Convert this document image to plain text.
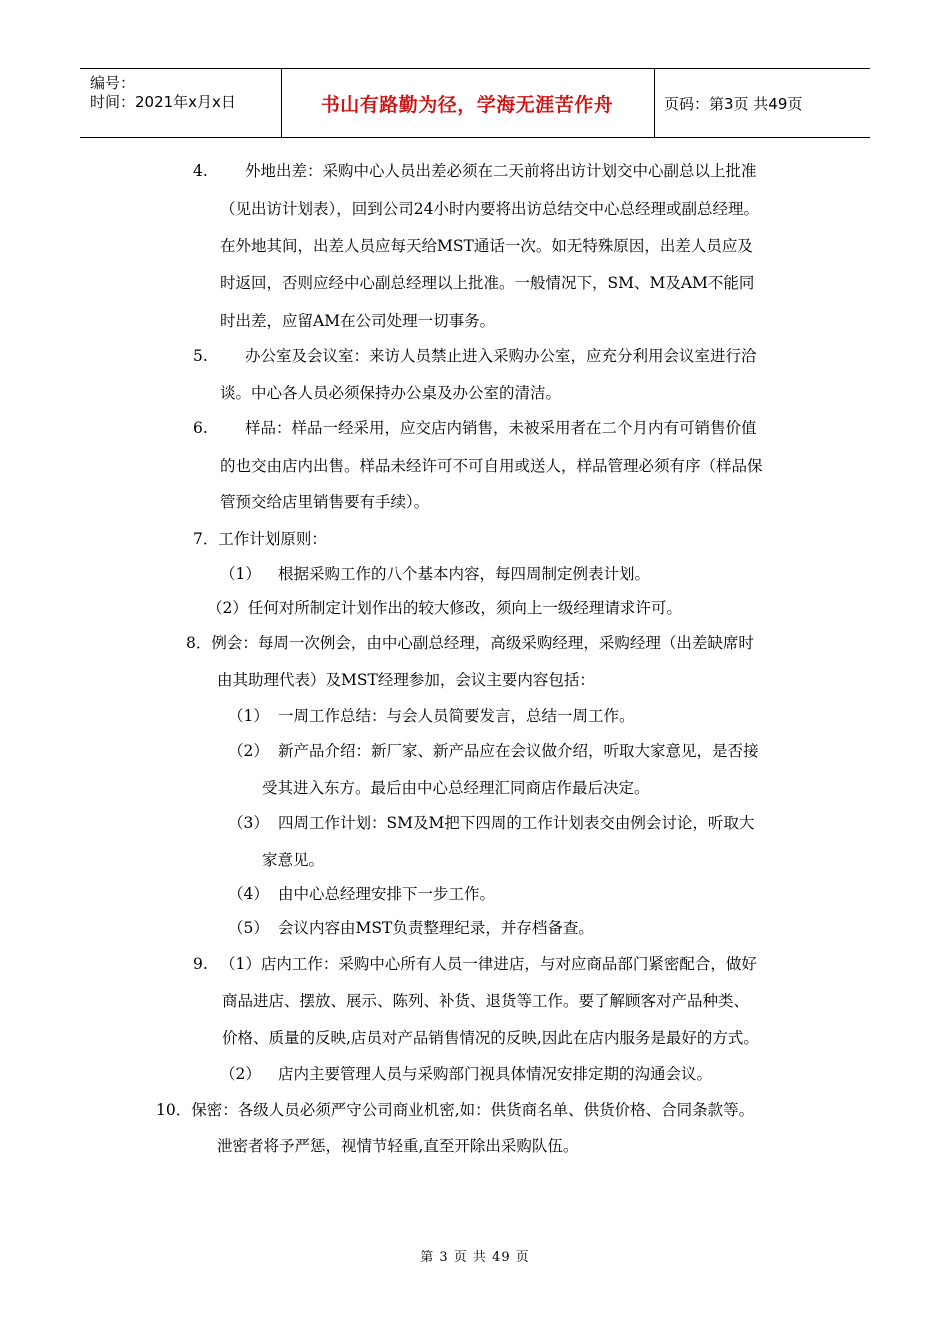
编号：
时间：2021年x月x日	书山有路勤为径，学海无涯苦作舟	页码：第3页 共49页
4. 外地出差：采购中心人员出差必须在二天前将出访计划交中心副总以上批准
（见出访计划表），回到公司24小时内要将出访总结交中心总经理或副总经理。
在外地其间，出差人员应每天给MST通话一次。如无特殊原因，出差人员应及
时返回，否则应经中心副总经理以上批准。一般情况下，SM、M及AM不能同
时出差，应留AM在公司处理一切事务。
5. 办公室及会议室：来访人员禁止进入采购办公室，应充分利用会议室进行洽
谈。中心各人员必须保持办公桌及办公室的清洁。
6. 样品：样品一经采用，应交店内销售，未被采用者在二个月内有可销售价值
的也交由店内出售。样品未经许可不可自用或送人，样品管理必须有序（样品保
管预交给店里销售要有手续）。
7．工作计划原则：
（1） 根据采购工作的八个基本内容，每四周制定例表计划。
（2）任何对所制定计划作出的较大修改，须向上一级经理请求许可。
8．例会：每周一次例会，由中心副总经理，高级采购经理，采购经理（出差缺席时
由其助理代表）及MST经理参加，会议主要内容包括：
（1） 一周工作总结：与会人员简要发言，总结一周工作。
（2） 新产品介绍：新厂家、新产品应在会议做介绍，听取大家意见，是否接
受其进入东方。最后由中心总经理汇同商店作最后决定。
（3） 四周工作计划：SM及M把下四周的工作计划表交由例会讨论，听取大
家意见。
（4） 由中心总经理安排下一步工作。
（5） 会议内容由MST负责整理纪录，并存档备查。
9. （1）店内工作：采购中心所有人员一律进店，与对应商品部门紧密配合，做好
商品进店、摆放、展示、陈列、补货、退货等工作。要了解顾客对产品种类、
价格、质量的反映,店员对产品销售情况的反映,因此在店内服务是最好的方式。
（2） 店内主要管理人员与采购部门视具体情况安排定期的沟通会议。
10．保密：各级人员必须严守公司商业机密,如：供货商名单、供货价格、合同条款等。
泄密者将予严惩，视情节轻重,直至开除出采购队伍。
第 3 页 共 49 页
